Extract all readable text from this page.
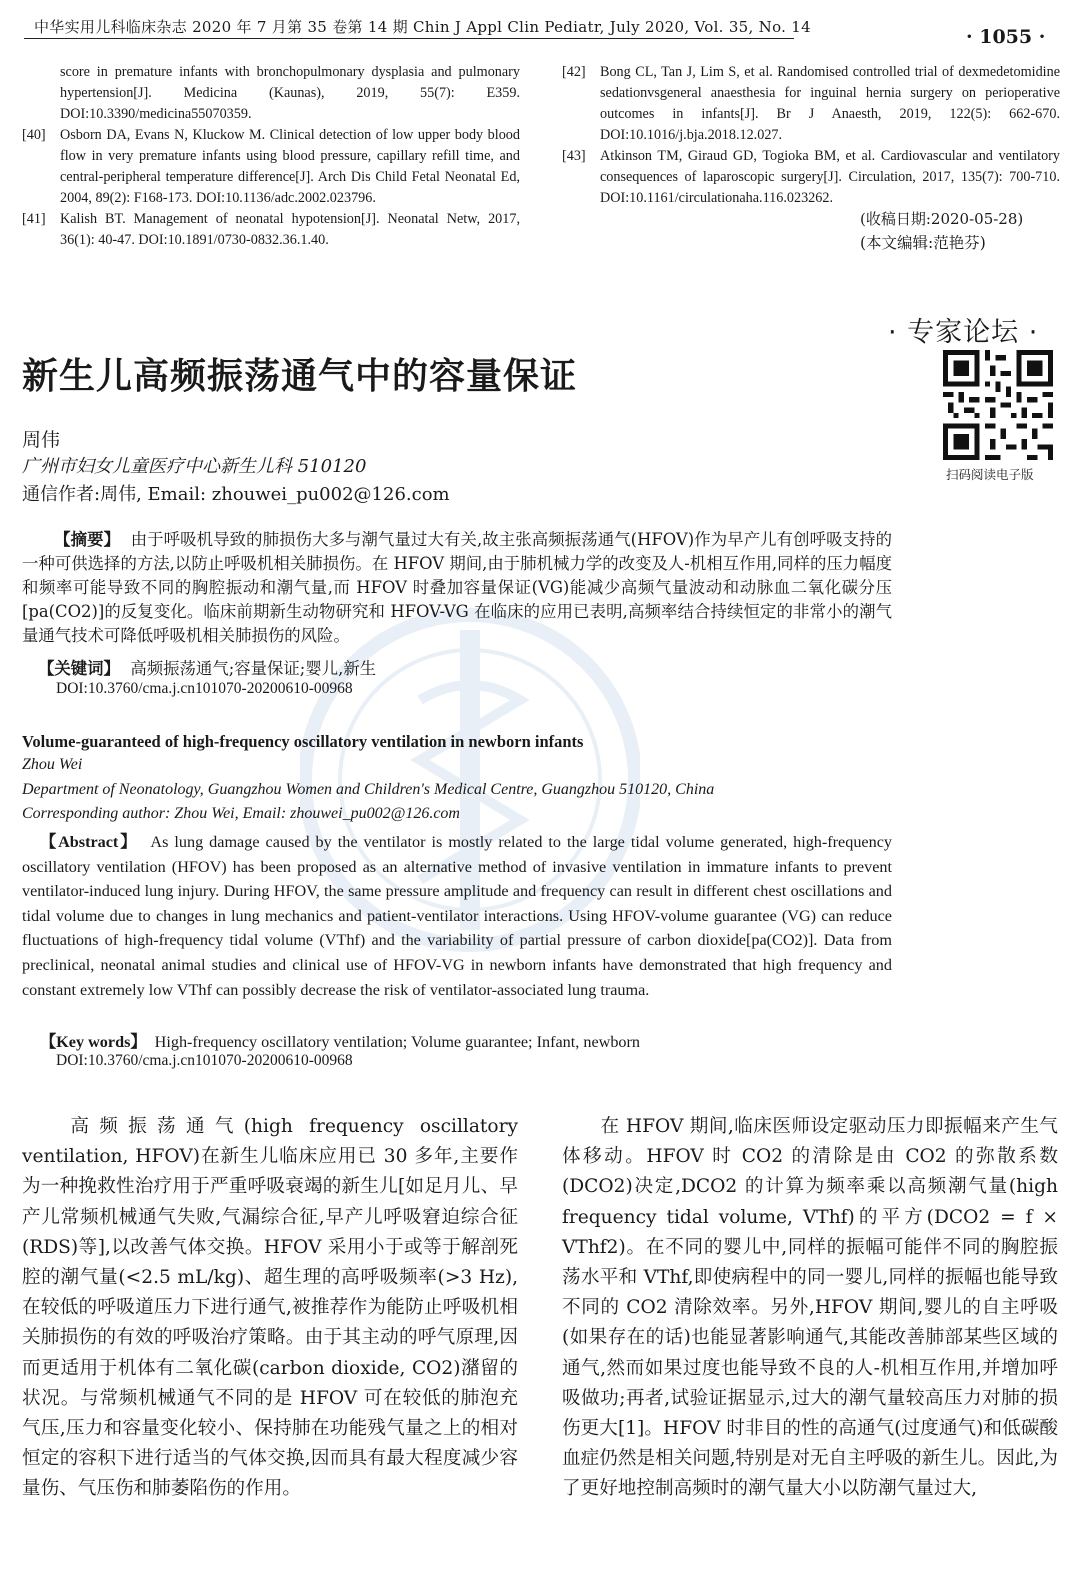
中华实用儿科临床杂志 2020 年 7 月第 35 卷第 14 期 Chin J Appl Clin Pediatr, July 2020, Vol. 35, No. 14	· 1055 ·
score in premature infants with bronchopulmonary dysplasia and pulmonary hypertension[J]. Medicina (Kaunas), 2019, 55(7): E359. DOI:10.3390/medicina55070359.
[40]	Osborn DA, Evans N, Kluckow M. Clinical detection of low upper body blood flow in very premature infants using blood pressure, capillary refill time, and central-peripheral temperature difference[J]. Arch Dis Child Fetal Neonatal Ed, 2004, 89(2): F168-173. DOI:10.1136/adc.2002.023796.
[41]	Kalish BT. Management of neonatal hypotension[J]. Neonatal Netw, 2017, 36(1): 40-47. DOI:10.1891/0730-0832.36.1.40.
[42]	Bong CL, Tan J, Lim S, et al. Randomised controlled trial of dexmedetomidine sedationvsgeneral anaesthesia for inguinal hernia surgery on perioperative outcomes in infants[J]. Br J Anaesth, 2019, 122(5): 662-670. DOI:10.1016/j.bja.2018.12.027.
[43]	Atkinson TM, Giraud GD, Togioka BM, et al. Cardiovascular and ventilatory consequences of laparoscopic surgery[J]. Circulation, 2017, 135(7): 700-710. DOI:10.1161/circulationaha.116.023262.
(收稿日期:2020-05-28)
(本文编辑:范艳芬)
· 专家论坛 ·
新生儿高频振荡通气中的容量保证
扫码阅读电子版
周伟
广州市妇女儿童医疗中心新生儿科 510120
通信作者:周伟, Email: zhouwei_pu002@126.com
【摘要】 由于呼吸机导致的肺损伤大多与潮气量过大有关,故主张高频振荡通气(HFOV)作为早产儿有创呼吸支持的一种可供选择的方法,以防止呼吸机相关肺损伤。在 HFOV 期间,由于肺机械力学的改变及人-机相互作用,同样的压力幅度和频率可能导致不同的胸腔振动和潮气量,而 HFOV 时叠加容量保证(VG)能减少高频气量波动和动脉血二氧化碳分压[pa(CO2)]的反复变化。临床前期新生动物研究和 HFOV-VG 在临床的应用已表明,高频率结合持续恒定的非常小的潮气量通气技术可降低呼吸机相关肺损伤的风险。
【关键词】 高频振荡通气;容量保证;婴儿,新生
DOI:10.3760/cma.j.cn101070-20200610-00968
Volume-guaranteed of high-frequency oscillatory ventilation in newborn infants
Zhou Wei
Department of Neonatology, Guangzhou Women and Children's Medical Centre, Guangzhou 510120, China
Corresponding author: Zhou Wei, Email: zhouwei_pu002@126.com
【Abstract】 As lung damage caused by the ventilator is mostly related to the large tidal volume generated, high-frequency oscillatory ventilation (HFOV) has been proposed as an alternative method of invasive ventilation in immature infants to prevent ventilator-induced lung injury. During HFOV, the same pressure amplitude and frequency can result in different chest oscillations and tidal volume due to changes in lung mechanics and patient-ventilator interactions. Using HFOV-volume guarantee (VG) can reduce fluctuations of high-frequency tidal volume (VThf) and the variability of partial pressure of carbon dioxide[pa(CO2)]. Data from preclinical, neonatal animal studies and clinical use of HFOV-VG in newborn infants have demonstrated that high frequency and constant extremely low VThf can possibly decrease the risk of ventilator-associated lung trauma.
【Key words】 High-frequency oscillatory ventilation; Volume guarantee; Infant, newborn
DOI:10.3760/cma.j.cn101070-20200610-00968
高频振荡通气(high frequency oscillatory ventilation, HFOV)在新生儿临床应用已 30 多年,主要作为一种挽救性治疗用于严重呼吸衰竭的新生儿[如足月儿、早产儿常频机械通气失败,气漏综合征,早产儿呼吸窘迫综合征(RDS)等],以改善气体交换。HFOV 采用小于或等于解剖死腔的潮气量(<2.5 mL/kg)、超生理的高呼吸频率(>3 Hz),在较低的呼吸道压力下进行通气,被推荐作为能防止呼吸机相关肺损伤的有效的呼吸治疗策略。由于其主动的呼气原理,因而更适用于机体有二氧化碳(carbon dioxide, CO2)潴留的状况。与常频机械通气不同的是 HFOV 可在较低的肺泡充气压,压力和容量变化较小、保持肺在功能残气量之上的相对恒定的容积下进行适当的气体交换,因而具有最大程度减少容量伤、气压伤和肺萎陷伤的作用。
在 HFOV 期间,临床医师设定驱动压力即振幅来产生气体移动。HFOV 时 CO2 的清除是由 CO2 的弥散系数(DCO2)决定,DCO2 的计算为频率乘以高频潮气量(high frequency tidal volume, VThf)的平方(DCO2 = f × VThf2)。在不同的婴儿中,同样的振幅可能伴不同的胸腔振荡水平和 VThf,即使病程中的同一婴儿,同样的振幅也能导致不同的 CO2 清除效率。另外,HFOV 期间,婴儿的自主呼吸(如果存在的话)也能显著影响通气,其能改善肺部某些区域的通气,然而如果过度也能导致不良的人-机相互作用,并增加呼吸做功;再者,试验证据显示,过大的潮气量较高压力对肺的损伤更大[1]。HFOV 时非目的性的高通气(过度通气)和低碳酸血症仍然是相关问题,特别是对无自主呼吸的新生儿。因此,为了更好地控制高频时的潮气量大小以防潮气量过大,
